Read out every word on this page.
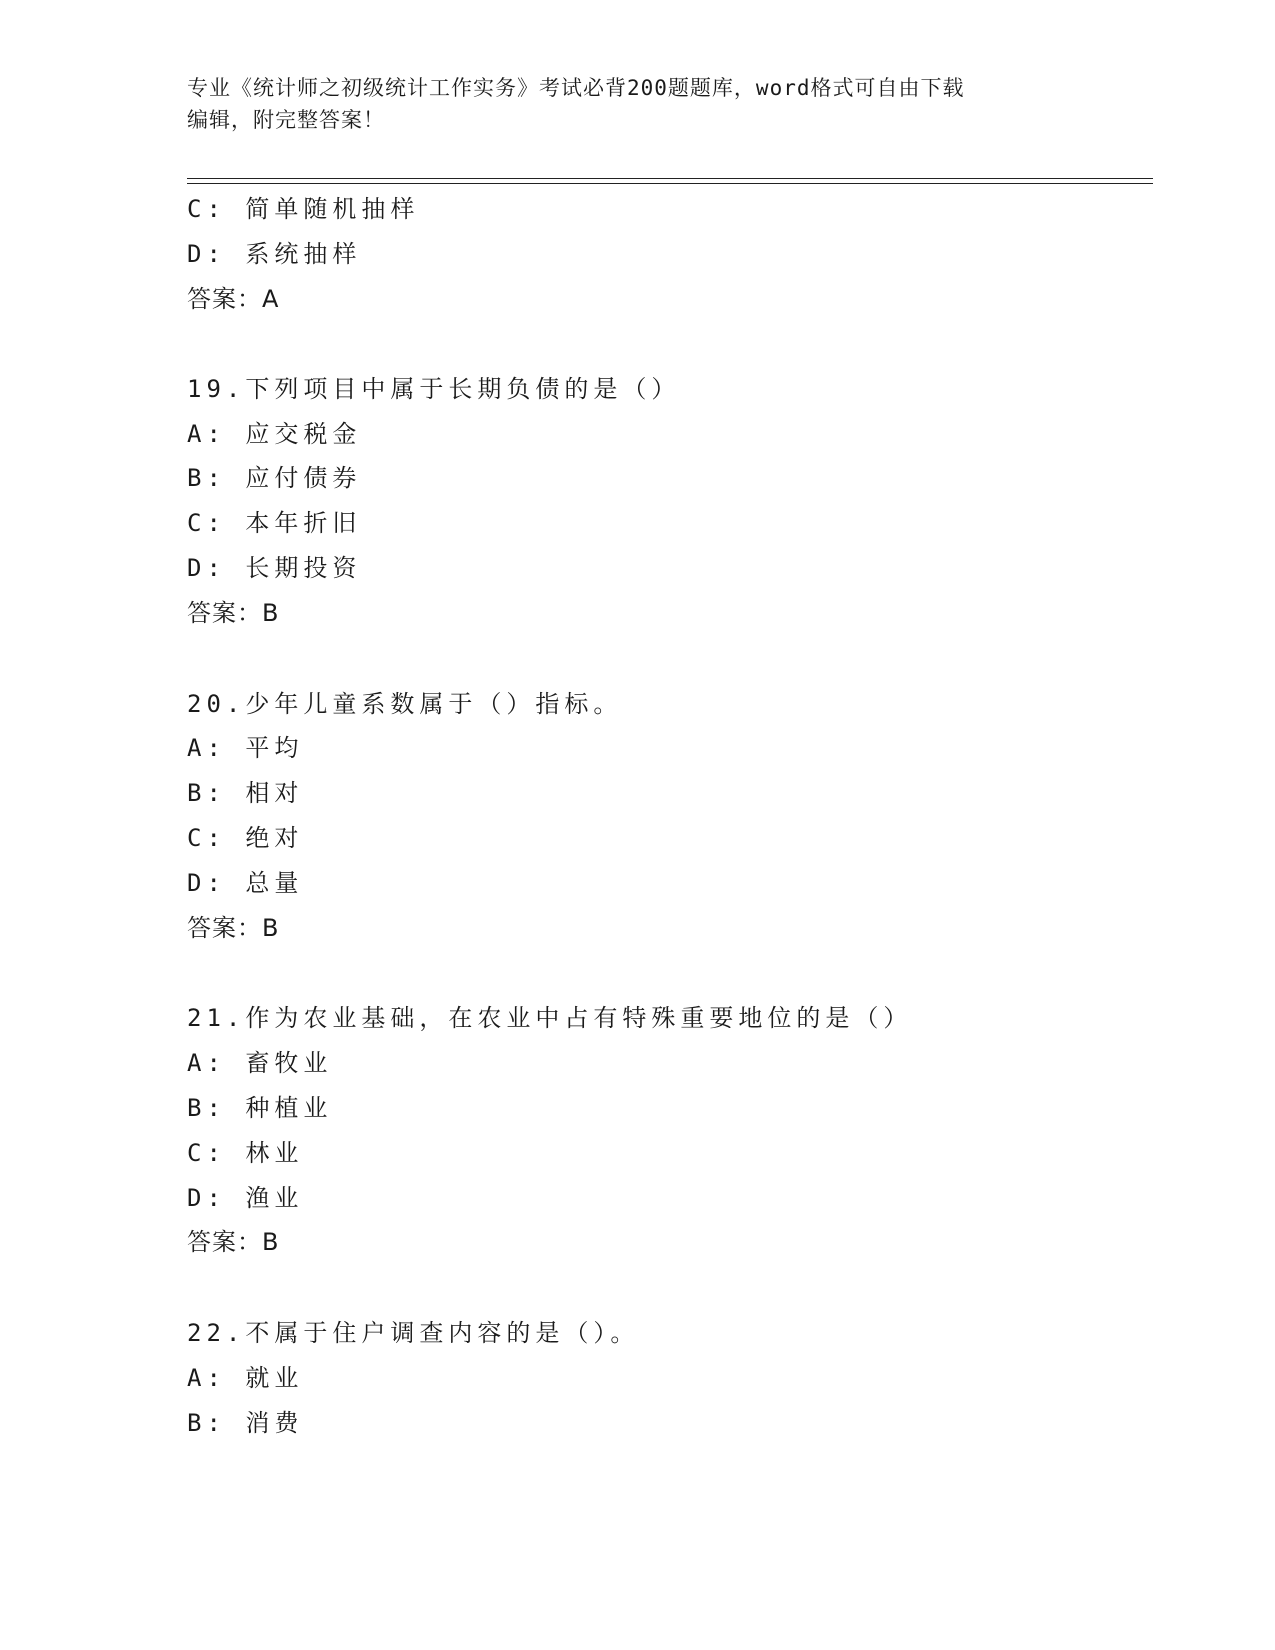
专业《统计师之初级统计工作实务》考试必背200题题库，word格式可自由下载
编辑，附完整答案！
C: 简单随机抽样
D: 系统抽样
答案：A
19.下列项目中属于长期负债的是（）
A: 应交税金
B: 应付债券
C: 本年折旧
D: 长期投资
答案：B
20.少年儿童系数属于（）指标。
A: 平均
B: 相对
C: 绝对
D: 总量
答案：B
21.作为农业基础，在农业中占有特殊重要地位的是（）
A: 畜牧业
B: 种植业
C: 林业
D: 渔业
答案：B
22.不属于住户调查内容的是（）。
A: 就业
B: 消费
